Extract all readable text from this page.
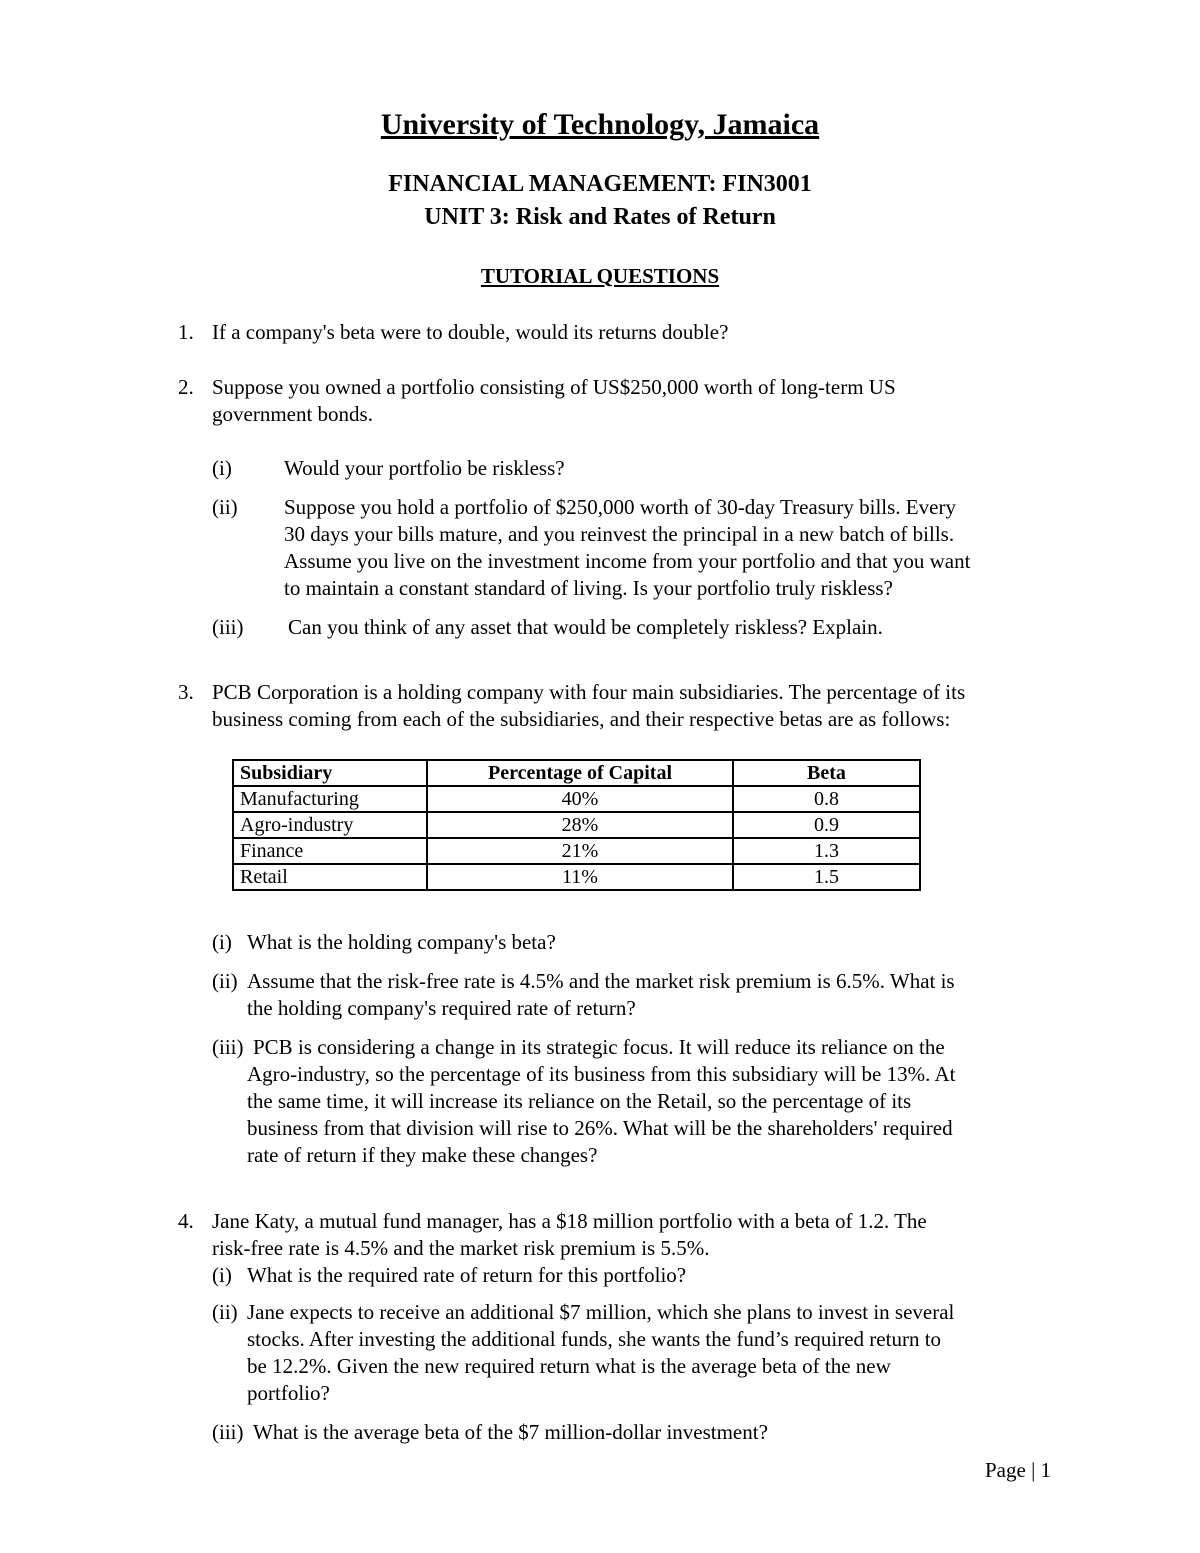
University of Technology, Jamaica
FINANCIAL MANAGEMENT: FIN3001
UNIT 3: Risk and Rates of Return
TUTORIAL QUESTIONS
1. If a company's beta were to double, would its returns double?
2. Suppose you owned a portfolio consisting of US$250,000 worth of long-term US
government bonds.
(i) Would your portfolio be riskless?
(ii) Suppose you hold a portfolio of $250,000 worth of 30-day Treasury bills. Every
30 days your bills mature, and you reinvest the principal in a new batch of bills.
Assume you live on the investment income from your portfolio and that you want
to maintain a constant standard of living. Is your portfolio truly riskless?
(iii) Can you think of any asset that would be completely riskless? Explain.
3. PCB Corporation is a holding company with four main subsidiaries. The percentage of its
business coming from each of the subsidiaries, and their respective betas are as follows:
Subsidiary	Percentage of Capital	Beta
Manufacturing	40%	0.8
Agro-industry	28%	0.9
Finance	21%	1.3
Retail	11%	1.5
(i) What is the holding company's beta?
(ii) Assume that the risk-free rate is 4.5% and the market risk premium is 6.5%. What is
the holding company's required rate of return?
(iii) PCB is considering a change in its strategic focus. It will reduce its reliance on the
Agro-industry, so the percentage of its business from this subsidiary will be 13%. At
the same time, it will increase its reliance on the Retail, so the percentage of its
business from that division will rise to 26%. What will be the shareholders' required
rate of return if they make these changes?
4. Jane Katy, a mutual fund manager, has a $18 million portfolio with a beta of 1.2. The
risk-free rate is 4.5% and the market risk premium is 5.5%.
(i) What is the required rate of return for this portfolio?
(ii) Jane expects to receive an additional $7 million, which she plans to invest in several
stocks. After investing the additional funds, she wants the fund’s required return to
be 12.2%. Given the new required return what is the average beta of the new
portfolio?
(iii) What is the average beta of the $7 million-dollar investment?
Page | 1
